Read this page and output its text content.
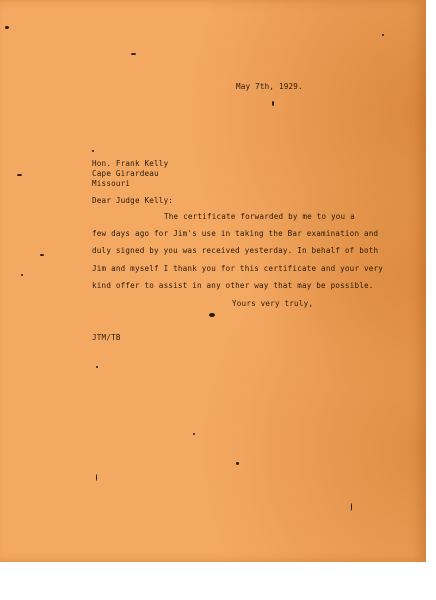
May 7th, 1929.
Hon. Frank Kelly
Cape Girardeau
Missouri
Dear Judge Kelly:
The certificate forwarded by me to you a
few days ago for Jim's use in taking the Bar examination and
duly signed by you was received yesterday. In behalf of both
Jim and myself I thank you for this certificate and your very
kind offer to assist in any other way that may be possible.
Yours very truly,
JTM/TB
